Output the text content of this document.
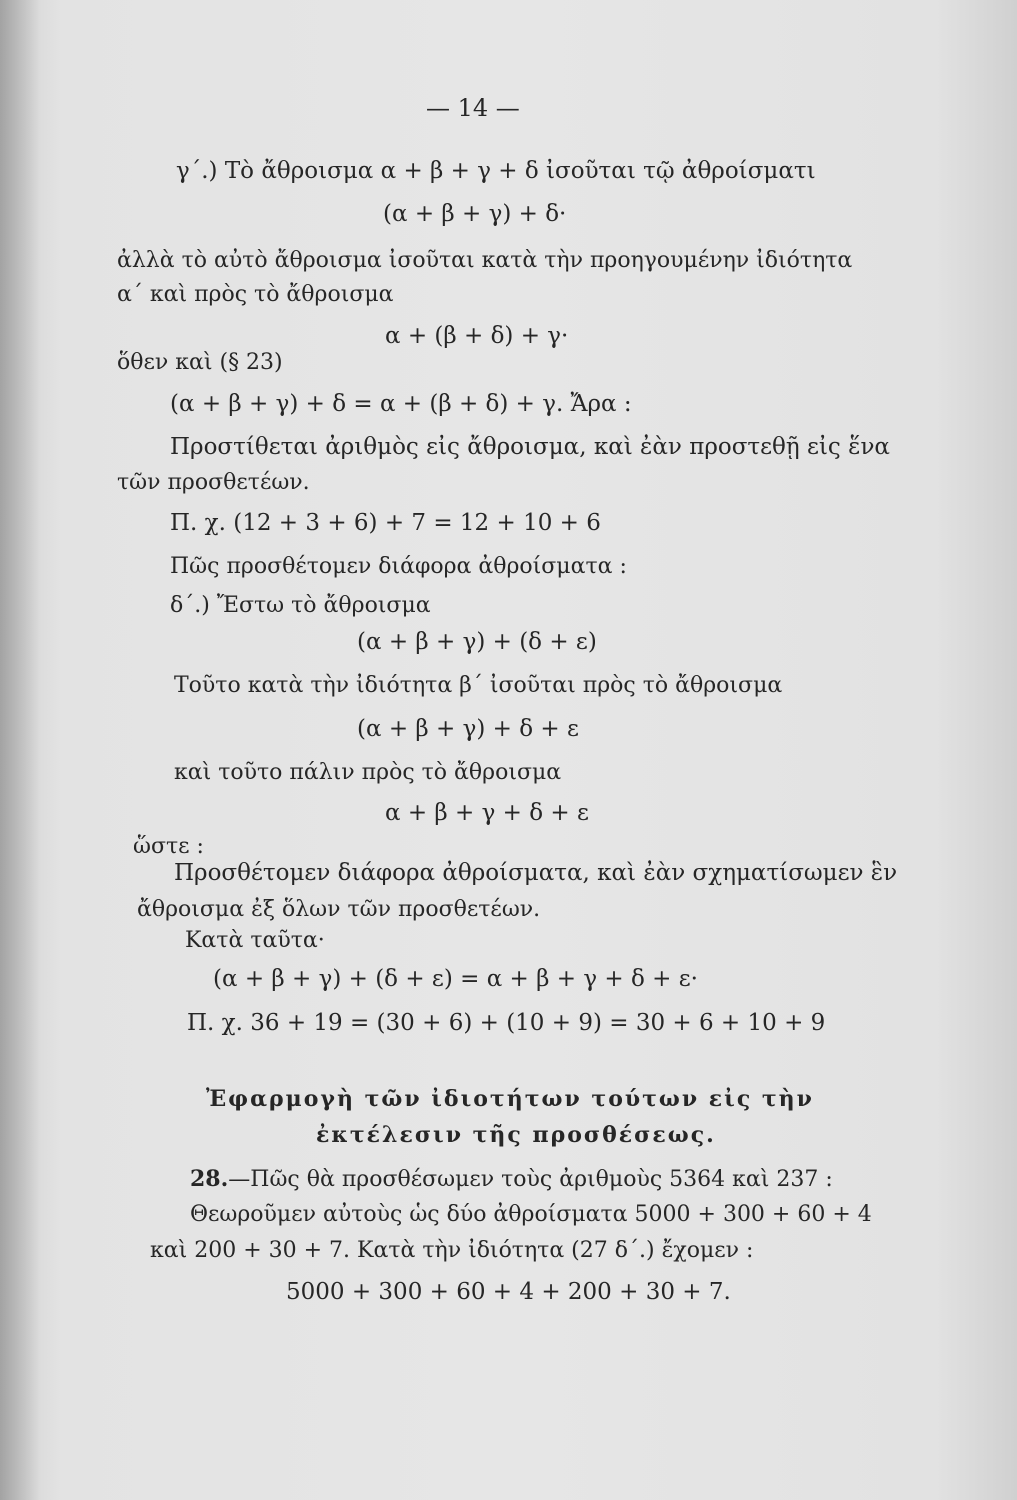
— 14 —
γ΄.) Τὸ ἄθροισμα α + β + γ + δ ἰσοῦται τῷ ἀθροίσματι
(α + β + γ) + δ·
ἀλλὰ τὸ αὐτὸ ἄθροισμα ἰσοῦται κατὰ τὴν προηγουμένην ἰδιότητα
α΄ καὶ πρὸς τὸ ἄθροισμα
α + (β + δ) + γ·
ὅθεν καὶ (§ 23)
(α + β + γ) + δ = α + (β + δ) + γ. Ἄρα :
Προστίθεται ἀριθμὸς εἰς ἄθροισμα, καὶ ἐὰν προστεθῇ εἰς ἕνα
τῶν προσθετέων.
Π. χ. (12 + 3 + 6) + 7 = 12 + 10 + 6
Πῶς προσθέτομεν διάφορα ἀθροίσματα :
δ΄.) Ἔστω τὸ ἄθροισμα
(α + β + γ) + (δ + ε)
Τοῦτο κατὰ τὴν ἰδιότητα β΄ ἰσοῦται πρὸς τὸ ἄθροισμα
(α + β + γ) + δ + ε
καὶ τοῦτο πάλιν πρὸς τὸ ἄθροισμα
α + β + γ + δ + ε
ὥστε :
Προσθέτομεν διάφορα ἀθροίσματα, καὶ ἐὰν σχηματίσωμεν ἓν
ἄθροισμα ἐξ ὅλων τῶν προσθετέων.
Κατὰ ταῦτα·
(α + β + γ) + (δ + ε) = α + β + γ + δ + ε·
Π. χ. 36 + 19 = (30 + 6) + (10 + 9) = 30 + 6 + 10 + 9
Ἐφαρμογὴ τῶν ἰδιοτήτων τούτων εἰς τὴν
ἐκτέλεσιν τῆς προσθέσεως.
28.—Πῶς θὰ προσθέσωμεν τοὺς ἀριθμοὺς 5364 καὶ 237 :
Θεωροῦμεν αὐτοὺς ὡς δύο ἀθροίσματα 5000 + 300 + 60 + 4
καὶ 200 + 30 + 7. Κατὰ τὴν ἰδιότητα (27 δ΄.) ἔχομεν :
5000 + 300 + 60 + 4 + 200 + 30 + 7.
